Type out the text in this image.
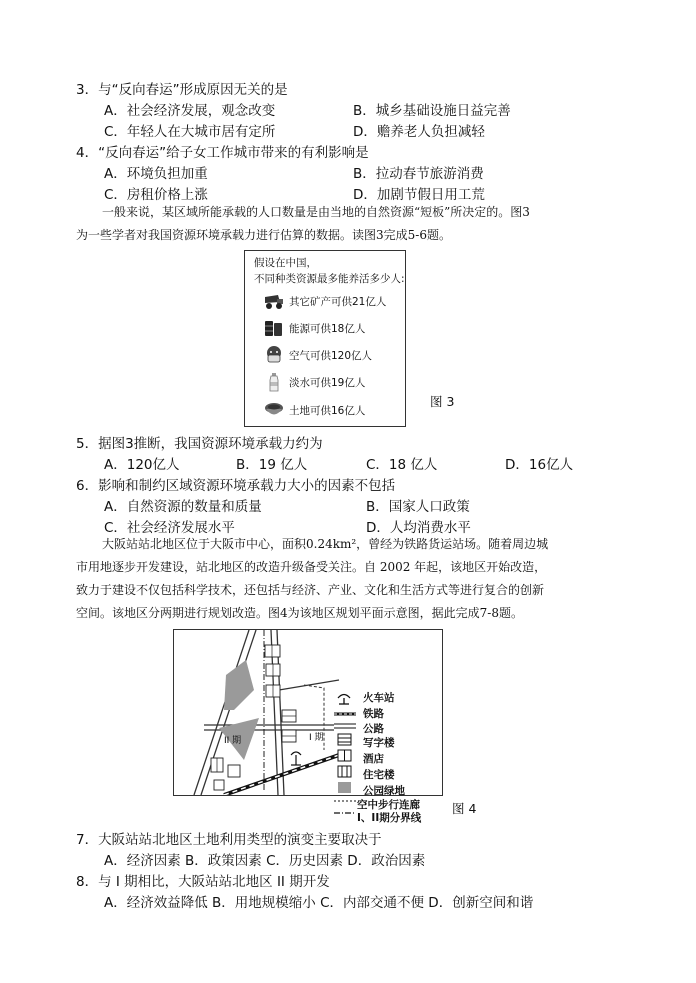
3．与“反向春运”形成原因无关的是
A．社会经济发展，观念改变	B．城乡基础设施日益完善
C．年轻人在大城市居有定所	D．赡养老人负担减轻
4．“反向春运”给子女工作城市带来的有利影响是
A．环境负担加重	B．拉动春节旅游消费
C．房租价格上涨	D．加剧节假日用工荒
一般来说，某区域所能承载的人口数量是由当地的自然资源“短板”所决定的。图3
为一些学者对我国资源环境承载力进行估算的数据。读图3完成5-6题。
假设在中国，
不同种类资源最多能养活多少人:
其它矿产可供21亿人
能源可供18亿人
空气可供120亿人
淡水可供19亿人
土地可供16亿人
图 3
5．据图3推断，我国资源环境承载力约为
A．120亿人	B．19 亿人	C．18 亿人	D．16亿人
6．影响和制约区域资源环境承载力大小的因素不包括
A．自然资源的数量和质量	B．国家人口政策
C．社会经济发展水平	D．人均消费水平
大阪站站北地区位于大阪市中心，面积0.24km²，曾经为铁路货运站场。随着周边城
市用地逐步开发建设，站北地区的改造升级备受关注。自 2002 年起，该地区开始改造，
致力于建设不仅包括科学技术，还包括与经济、产业、文化和生活方式等进行复合的创新
空间。该地区分两期进行规划改造。图4为该地区规划平面示意图，据此完成7-8题。
II 期	I 期
火车站
铁路
公路
写字楼
酒店
住宅楼
公园绿地
空中步行连廊
I、II期分界线
图 4
7．大阪站站北地区土地利用类型的演变主要取决于
A．经济因素 B．政策因素 C．历史因素 D．政治因素
8．与 I 期相比，大阪站站北地区 II 期开发
A．经济效益降低 B．用地规模缩小 C．内部交通不便 D．创新空间和谐
